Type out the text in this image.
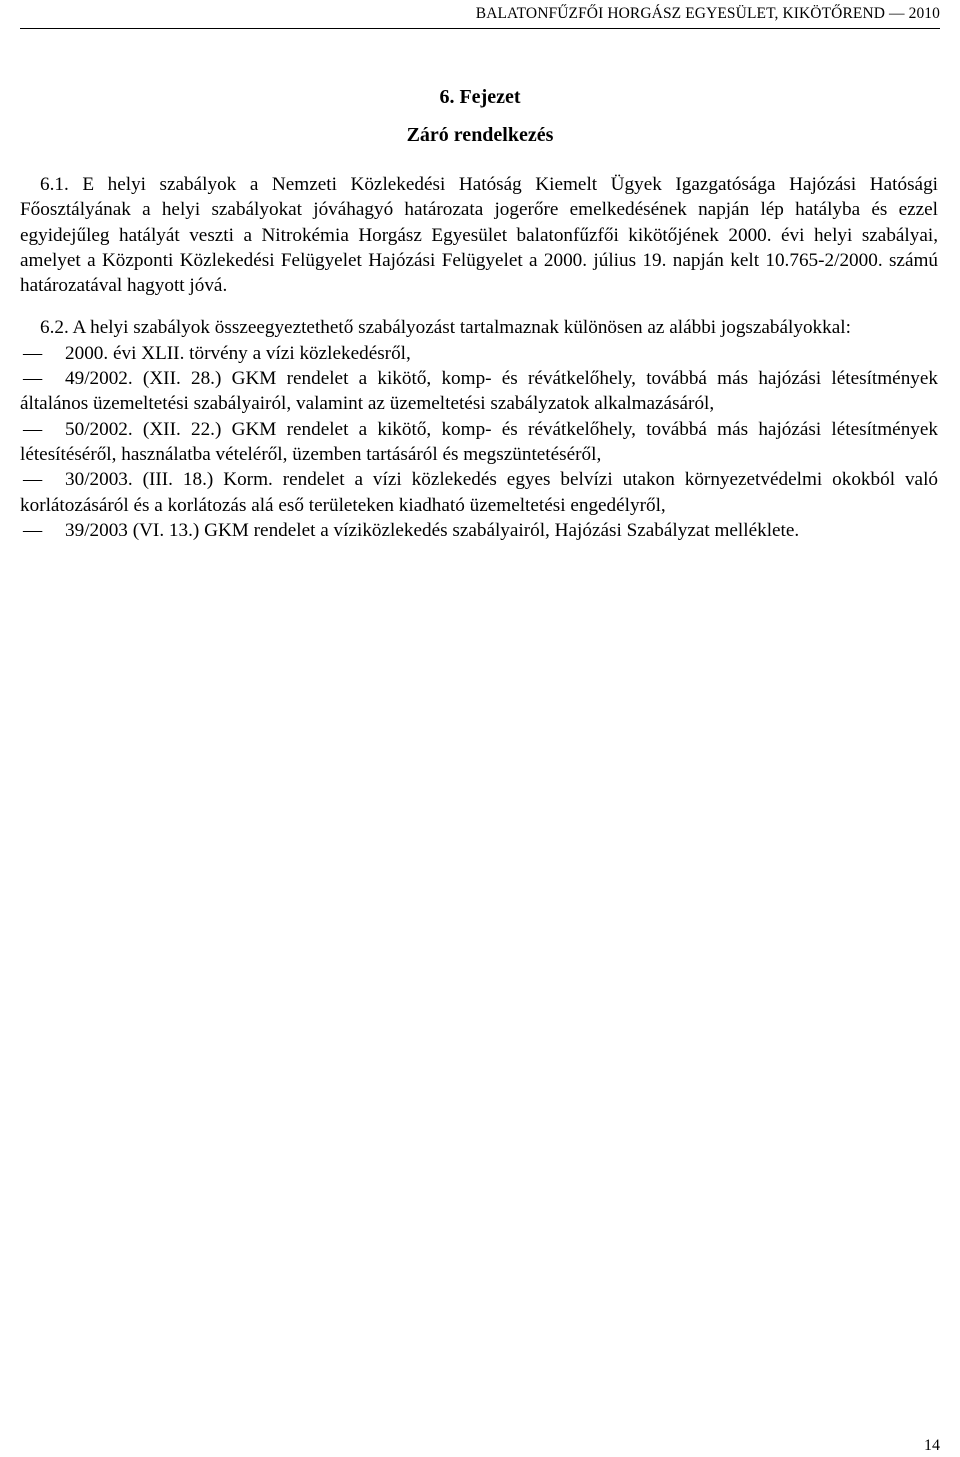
BALATONFŰZFŐI HORGÁSZ EGYESÜLET, KIKÖTŐREND — 2010
6. Fejezet
Záró rendelkezés

6.1. E helyi szabályok a Nemzeti Közlekedési Hatóság Kiemelt Ügyek Igazgatósága Hajózási Hatósági Főosztályának a helyi szabályokat jóváhagyó határozata jogerőre emelkedésének napján lép hatályba és ezzel egyidejűleg hatályát veszti a Nitrokémia Horgász Egyesület balatonfűzfői kikötőjének 2000. évi helyi szabályai, amelyet a Központi Közlekedési Felügyelet Hajózási Felügyelet a 2000. július 19. napján kelt 10.765-2/2000. számú határozatával hagyott jóvá.

6.2. A helyi szabályok összeegyeztethető szabályozást tartalmaznak különösen az alábbi jogszabályokkal:

— 2000. évi XLII. törvény a vízi közlekedésről,

— 49/2002. (XII. 28.) GKM rendelet a kikötő, komp- és révátkelőhely, továbbá más hajózási létesítmények általános üzemeltetési szabályairól, valamint az üzemeltetési szabályzatok alkalmazásáról,

— 50/2002. (XII. 22.) GKM rendelet a kikötő, komp- és révátkelőhely, továbbá más hajózási létesítmények létesítéséről, használatba vételéről, üzemben tartásáról és megszüntetéséről,

— 30/2003. (III. 18.) Korm. rendelet a vízi közlekedés egyes belvízi utakon környezetvédelmi okokból való korlátozásáról és a korlátozás alá eső területeken kiadható üzemeltetési engedélyről,

— 39/2003 (VI. 13.) GKM rendelet a víziközlekedés szabályairól, Hajózási Szabályzat melléklete.

14
